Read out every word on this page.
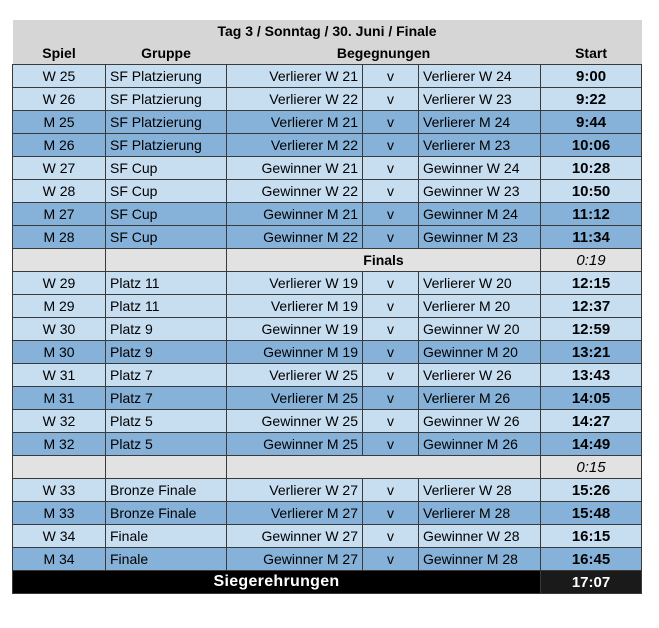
Tag 3 / Sonntag / 30. Juni / Finale					
Spiel	Gruppe	Begegnungen			Start
W 25	SF Platzierung	Verlierer W 21	v	Verlierer W 24	9:00
W 26	SF Platzierung	Verlierer W 22	v	Verlierer W 23	9:22
M 25	SF Platzierung	Verlierer M 21	v	Verlierer M 24	9:44
M 26	SF Platzierung	Verlierer M 22	v	Verlierer M 23	10:06
W 27	SF Cup	Gewinner W 21	v	Gewinner W 24	10:28
W 28	SF Cup	Gewinner W 22	v	Gewinner W 23	10:50
M 27	SF Cup	Gewinner M 21	v	Gewinner M 24	11:12
M 28	SF Cup	Gewinner M 22	v	Gewinner M 23	11:34
		Finals			0:19
W 29	Platz 11	Verlierer W 19	v	Verlierer W 20	12:15
M 29	Platz 11	Verlierer M 19	v	Verlierer M 20	12:37
W 30	Platz 9	Gewinner W 19	v	Gewinner W 20	12:59
M 30	Platz 9	Gewinner M 19	v	Gewinner M 20	13:21
W 31	Platz 7	Verlierer W 25	v	Verlierer W 26	13:43
M 31	Platz 7	Verlierer M 25	v	Verlierer M 26	14:05
W 32	Platz 5	Gewinner W 25	v	Gewinner W 26	14:27
M 32	Platz 5	Gewinner M 25	v	Gewinner M 26	14:49
					0:15
W 33	Bronze Finale	Verlierer W 27	v	Verlierer W 28	15:26
M 33	Bronze Finale	Verlierer M 27	v	Verlierer M 28	15:48
W 34	Finale	Gewinner W 27	v	Gewinner W 28	16:15
M 34	Finale	Gewinner M 27	v	Gewinner M 28	16:45
Siegerehrungen					17:07
